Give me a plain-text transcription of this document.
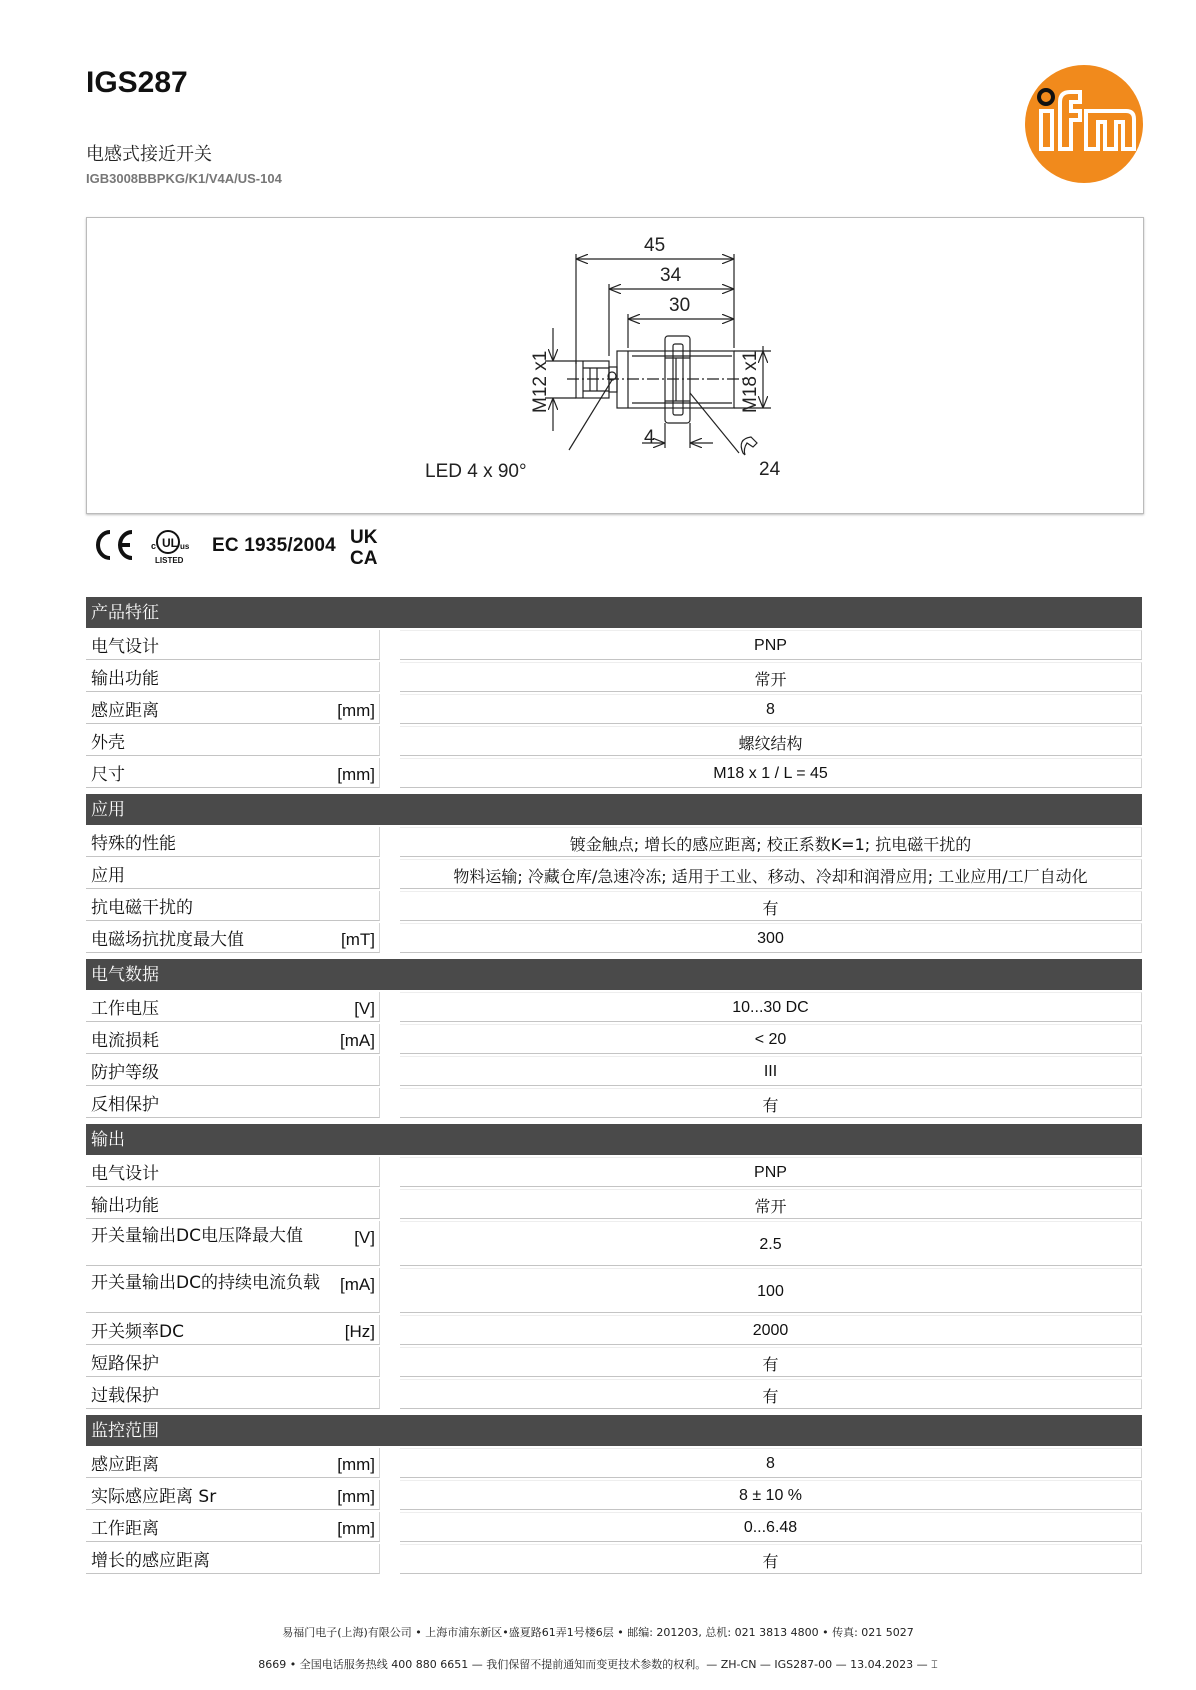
IGS287
电感式接近开关
IGB3008BBPKG/K1/V4A/US-104
45
34
30
4
LED 4 x 90°	24
M12 x1	M18 x1
UL
c	us
LISTED
UK
CA
EC 1935/2004
产品特征
电气设计	PNP
输出功能	常开
感应距离	[mm]	8
外壳	螺纹结构
尺寸	[mm]	M18 x 1 / L = 45
应用
特殊的性能	镀金触点; 增长的感应距离; 校正系数K=1; 抗电磁干扰的
应用	物料运输; 冷藏仓库/急速冷冻; 适用于工业、移动、冷却和润滑应用; 工业应用/工厂自动化
抗电磁干扰的	有
电磁场抗扰度最大值	[mT]	300
电气数据
工作电压	[V]	10...30 DC
电流损耗	[mA]	< 20
防护等级	III
反相保护	有
输出
电气设计	PNP
输出功能	常开
开关量输出DC电压降最大值	[V]	2.5
开关量输出DC的持续电流负载	[mA]	100
开关频率DC	[Hz]	2000
短路保护	有
过载保护	有
监控范围
感应距离	[mm]	8
实际感应距离 Sr	[mm]	8 ± 10 %
工作距离	[mm]	0...6.48
增长的感应距离	有
易福门电子(上海)有限公司 • 上海市浦东新区•盛夏路61弄1号楼6层 • 邮编: 201203, 总机: 021 3813 4800 • 传真: 021 5027
8669 • 全国电话服务热线 400 880 6651 — 我们保留不提前通知而变更技术参数的权利。— ZH-CN — IGS287-00 — 13.04.2023 — ⌶
